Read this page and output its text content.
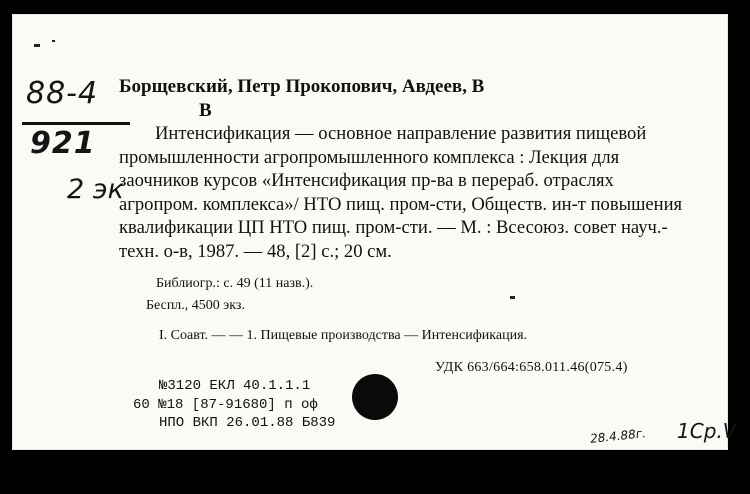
88-4
921
2 эк
Борщевский, Петр Прокопович, Авдеев, В
В
Интенсификация — основное направление развития пищевой промышленности агропромышленного комплекса : Лекция для заочников курсов «Интенсификация пр-ва в перераб. отраслях агропром. комплекса»/ НТО пищ. пром-сти, Обществ. ин-т повышения квалификации ЦП НТО пищ. пром-сти. — М. : Всесоюз. совет науч.-техн. о-в, 1987. — 48, [2] с.; 20 см.
Библиогр.: с. 49 (11 назв.).
Беспл., 4500 экз.
I. Соавт. — — 1. Пищевые производства — Интенсификация.
УДК 663/664:658.011.46(075.4)
№3120 ЕКЛ 40.1.1.1
60 №18 [87-91680] п оф
НПО ВКП 26.01.88 Б839
28.4.88г. 1Ср.V
